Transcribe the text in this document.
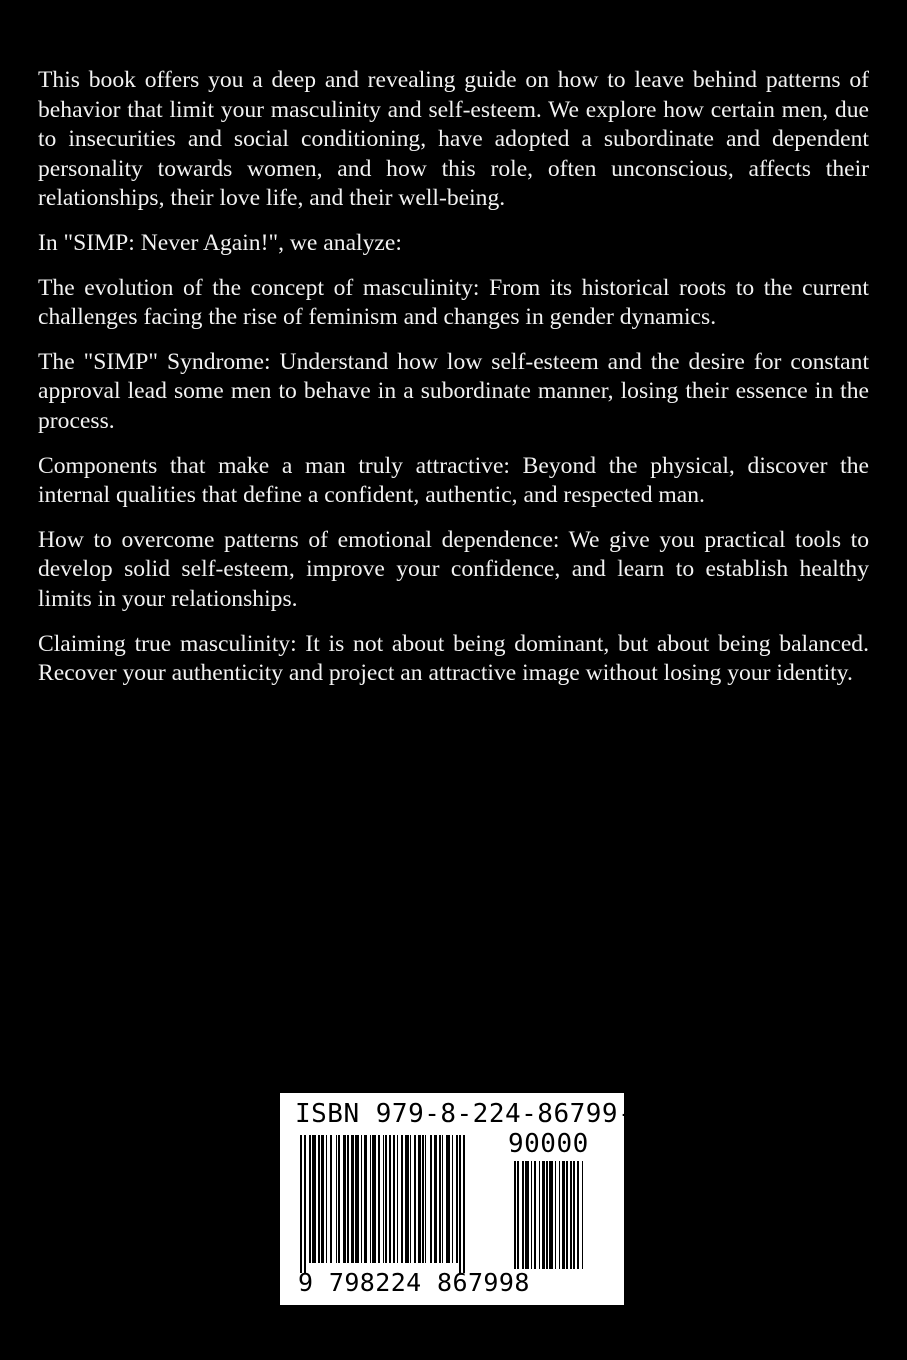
This book offers you a deep and revealing guide on how to leave behind patterns of behavior that limit your masculinity and self-esteem. We explore how certain men, due to insecurities and social conditioning, have adopted a subordinate and dependent personality towards women, and how this role, often unconscious, affects their relationships, their love life, and their well-being.

In "SIMP: Never Again!", we analyze:

The evolution of the concept of masculinity: From its historical roots to the current challenges facing the rise of feminism and changes in gender dynamics.

The "SIMP" Syndrome: Understand how low self-esteem and the desire for constant approval lead some men to behave in a subordinate manner, losing their essence in the process.

Components that make a man truly attractive: Beyond the physical, discover the internal qualities that define a confident, authentic, and respected man.

How to overcome patterns of emotional dependence: We give you practical tools to develop solid self-esteem, improve your confidence, and learn to establish healthy limits in your relationships.

Claiming true masculinity: It is not about being dominant, but about being balanced. Recover your authenticity and project an attractive image without losing your identity.

ISBN 979-8-224-86799-8
90000
9 798224 867998
